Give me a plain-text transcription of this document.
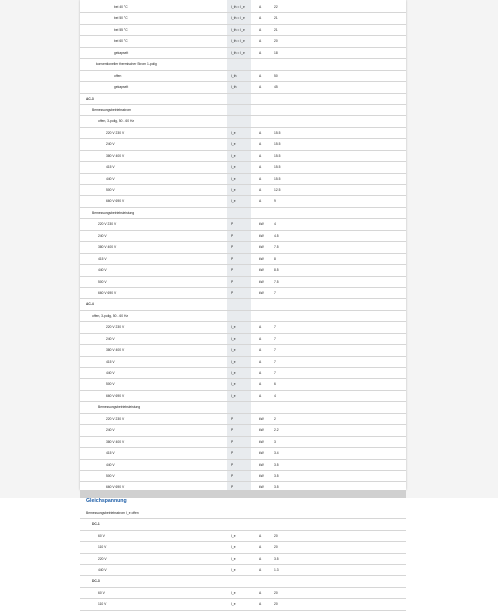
bei 40 °C	I_th = I_e	A	22
bei 50 °C	I_th = I_e	A	21
bei 55 °C	I_th = I_e	A	21
bei 60 °C	I_th = I_e	A	20
gekapselt	I_th = I_e	A	18
konventioneller thermischer Strom 1-polig
offen	I_th	A	50
gekapselt	I_th	A	45
AC-3
Bemessungsbetriebsstrom
offen, 3-polig, 50 - 60 Hz
220 V 230 V	I_e	A	15.5
240 V	I_e	A	15.5
380 V 400 V	I_e	A	15.5
415 V	I_e	A	15.5
440 V	I_e	A	15.5
500 V	I_e	A	12.5
660 V 690 V	I_e	A	9
Bemessungsbetriebsleistung
220 V 230 V	P	kW	4
240 V	P	kW	4.5
380 V 400 V	P	kW	7.5
415 V	P	kW	8
440 V	P	kW	8.5
500 V	P	kW	7.5
660 V 690 V	P	kW	7
AC-4
offen, 3-polig, 50 - 60 Hz
220 V 230 V	I_e	A	7
240 V	I_e	A	7
380 V 400 V	I_e	A	7
415 V	I_e	A	7
440 V	I_e	A	7
500 V	I_e	A	6
660 V 690 V	I_e	A	4
Bemessungsbetriebsleistung
220 V 230 V	P	kW	2
240 V	P	kW	2.2
380 V 400 V	P	kW	3
415 V	P	kW	3.4
440 V	P	kW	3.5
500 V	P	kW	3.5
660 V 690 V	P	kW	3.5
Gleichspannung
Bemessungsbetriebsstrom I_e offen
DC-1
60 V	I_e	A	20
110 V	I_e	A	20
220 V	I_e	A	3.5
440 V	I_e	A	1.3
DC-3
60 V	I_e	A	20
110 V	I_e	A	20
